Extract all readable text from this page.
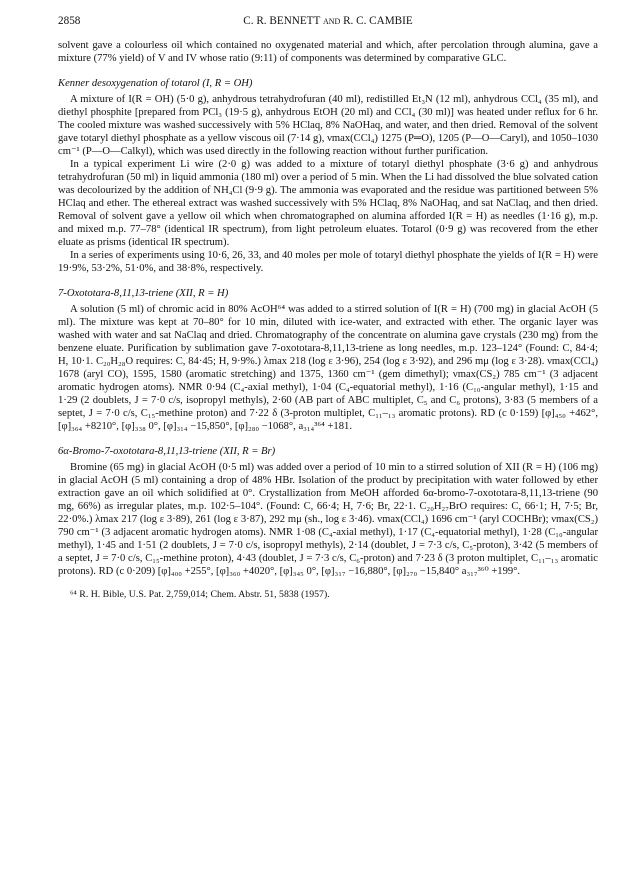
2858	C. R. BENNETT and R. C. CAMBIE

solvent gave a colourless oil which contained no oxygenated material and which, after percolation through alumina, gave a mixture (77% yield) of V and IV whose ratio (9:11) of components was determined by comparative GLC.

Kenner desoxygenation of totarol (I, R = OH)

A mixture of I(R = OH) (5·0 g), anhydrous tetrahydrofuran (40 ml), redistilled Et₃N (12 ml), anhydrous CCl₄ (35 ml), and diethyl phosphite [prepared from PCl₃ (19·5 g), anhydrous EtOH (20 ml) and CCl₄ (30 ml)] was heated under reflux for 6 hr. The cooled mixture was washed successively with 5% HClaq, 8% NaOHaq, and water, and then dried. Removal of the solvent gave totaryl diethyl phosphate as a yellow viscous oil (7·14 g), νmax(CCl₄) 1275 (P═O), 1205 (P—O—Caryl), and 1050–1030 cm⁻¹ (P—O—Calkyl), which was used directly in the following reaction without further purification.

In a typical experiment Li wire (2·0 g) was added to a mixture of totaryl diethyl phosphate (3·6 g) and anhydrous tetrahydrofuran (50 ml) in liquid ammonia (180 ml) over a period of 5 min. When the Li had dissolved the blue solvated cation was decolourized by the addition of NH₄Cl (9·9 g). The ammonia was evaporated and the residue was partitioned between 5% HClaq and ether. The ethereal extract was washed successively with 5% HClaq, 8% NaOHaq, and sat NaClaq, and then dried. Removal of solvent gave a yellow oil which when chromatographed on alumina afforded I(R = H) as needles (1·16 g), m.p. and mixed m.p. 77–78° (identical IR spectrum), from light petroleum eluates. Totarol (0·9 g) was recovered from the ether eluate as prisms (identical IR spectrum).

In a series of experiments using 10·6, 26, 33, and 40 moles per mole of totaryl diethyl phosphate the yields of I(R = H) were 19·9%, 53·2%, 51·0%, and 38·8%, respectively.

7-Oxototara-8,11,13-triene (XII, R = H)

A solution (5 ml) of chromic acid in 80% AcOH⁶⁴ was added to a stirred solution of I(R = H) (700 mg) in glacial AcOH (5 ml). The mixture was kept at 70–80° for 10 min, diluted with ice-water, and extracted with ether. The organic layer was washed with water and sat NaClaq and dried. Chromatography of the concentrate on alumina gave crystals (230 mg) from the benzene eluate. Purification by sublimation gave 7-oxototara-8,11,13-triene as long needles, m.p. 123–124° (Found: C, 84·4; H, 10·1. C₂₀H₂₈O requires: C, 84·45; H, 9·9%.) λmax 218 (log ε 3·96), 254 (log ε 3·92), and 296 mμ (log ε 3·28). νmax(CCl₄) 1678 (aryl CO), 1595, 1580 (aromatic stretching) and 1375, 1360 cm⁻¹ (gem dimethyl); νmax(CS₂) 785 cm⁻¹ (3 adjacent aromatic hydrogen atoms). NMR 0·94 (C₄-axial methyl), 1·04 (C₄-equatorial methyl), 1·16 (C₁₀-angular methyl), 1·15 and 1·29 (2 doublets, J = 7·0 c/s, isopropyl methyls), 2·60 (AB part of ABC multiplet, C₅ and C₆ protons), 3·83 (5 members of a septet, J = 7·0 c/s, C₁₅-methine proton) and 7·22 δ (3-proton multiplet, C₁₁–₁₃ aromatic protons). RD (c 0·159) [φ]₄₅₀ +462°, [φ]₃₆₄ +8210°, [φ]₃₃₈ 0°, [φ]₃₁₄ −15,850°, [φ]₂₈₀ −1068°, a₃₁₄³⁶⁴ +181.

6α-Bromo-7-oxototara-8,11,13-triene (XII, R = Br)

Bromine (65 mg) in glacial AcOH (0·5 ml) was added over a period of 10 min to a stirred solution of XII (R = H) (106 mg) in glacial AcOH (5 ml) containing a drop of 48% HBr. Isolation of the product by precipitation with water followed by ether extraction gave an oil which solidified at 0°. Crystallization from MeOH afforded 6α-bromo-7-oxototara-8,11,13-triene (90 mg, 66%) as irregular plates, m.p. 102·5–104°. (Found: C, 66·4; H, 7·6; Br, 22·1. C₂₀H₂₇BrO requires: C, 66·1; H, 7·5; Br, 22·0%.) λmax 217 (log ε 3·89), 261 (log ε 3·87), 292 mμ (sh., log ε 3·46). νmax(CCl₄) 1696 cm⁻¹ (aryl COCHBr); νmax(CS₂) 790 cm⁻¹ (3 adjacent aromatic hydrogen atoms). NMR 1·08 (C₄-axial methyl), 1·17 (C₄-equatorial methyl), 1·28 (C₁₀-angular methyl), 1·45 and 1·51 (2 doublets, J = 7·0 c/s, isopropyl methyls), 2·14 (doublet, J = 7·3 c/s, C₅-proton), 3·42 (5 members of a septet, J = 7·0 c/s, C₁₅-methine proton), 4·43 (doublet, J = 7·3 c/s, C₆-proton) and 7·23 δ (3 proton multiplet, C₁₁–₁₃ aromatic protons). RD (c 0·209) [φ]₄₀₀ +255°, [φ]₃₆₀ +4020°, [φ]₃₄₅ 0°, [φ]₃₁₇ −16,880°, [φ]₂₇₀ −15,840° a₃₁₇³⁶⁰ +199°.

⁶⁴ R. H. Bible, U.S. Pat. 2,759,014; Chem. Abstr. 51, 5838 (1957).
